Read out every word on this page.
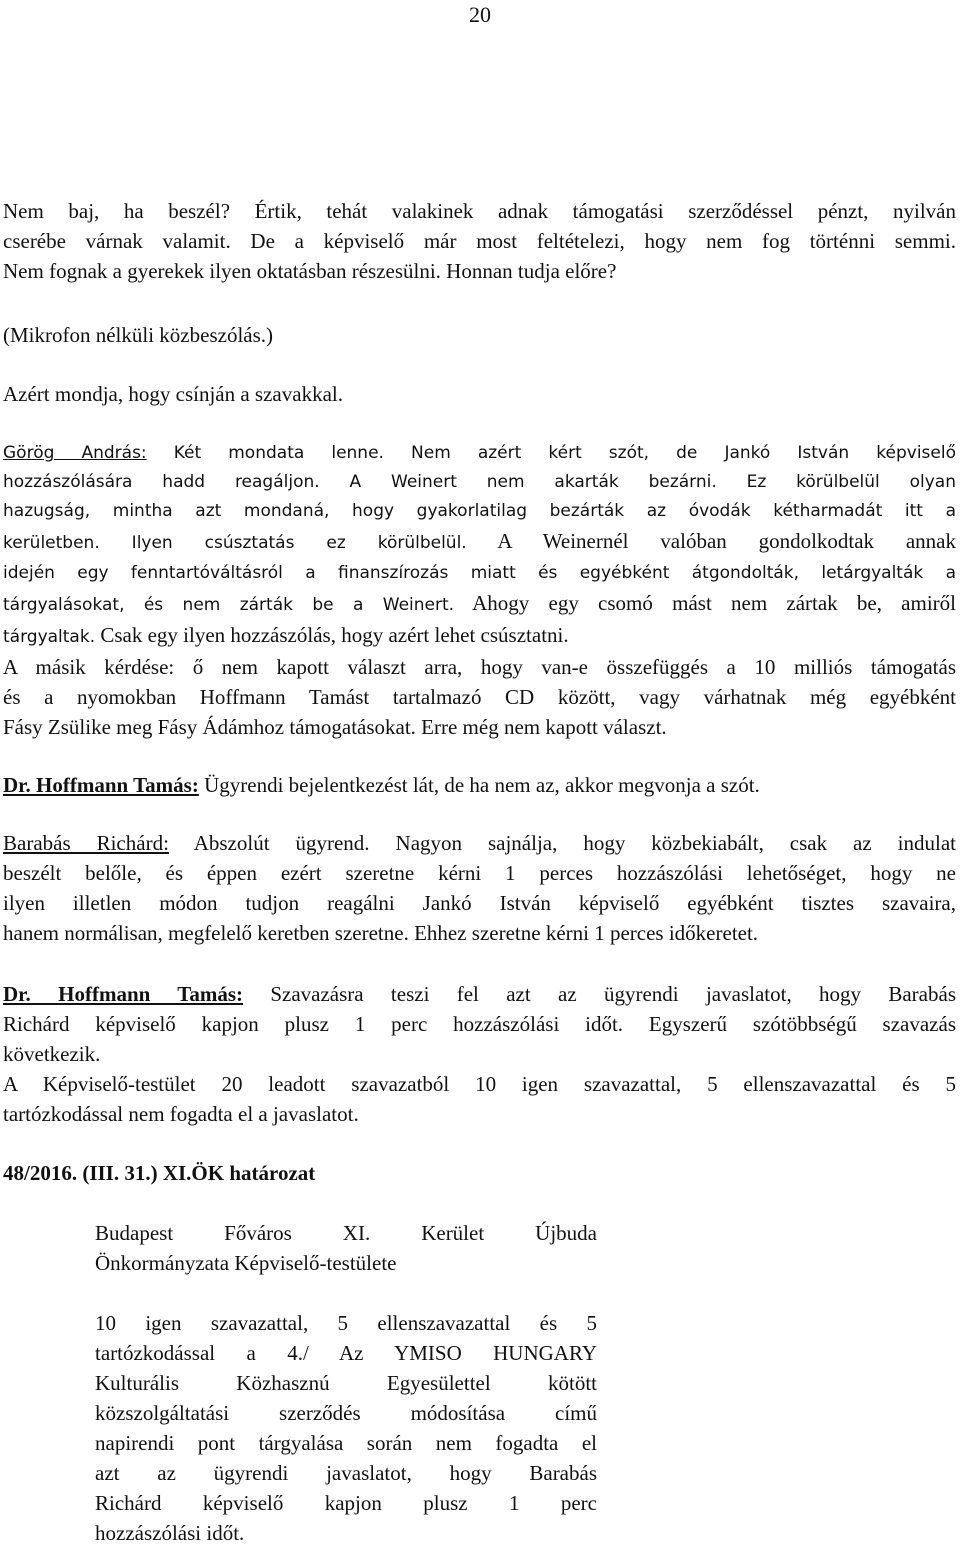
20
Nem baj, ha beszél? Értik, tehát valakinek adnak támogatási szerződéssel pénzt, nyilván
cserébe várnak valamit. De a képviselő már most feltételezi, hogy nem fog történni semmi.
Nem fognak a gyerekek ilyen oktatásban részesülni. Honnan tudja előre?
(Mikrofon nélküli közbeszólás.)
Azért mondja, hogy csínján a szavakkal.
Görög András: Két mondata lenne. Nem azért kért szót, de Jankó István képviselő
hozzászólására hadd reagáljon. A Weinert nem akarták bezárni. Ez körülbelül olyan
hazugság, mintha azt mondaná, hogy gyakorlatilag bezárták az óvodák kétharmadát itt a
kerületben. Ilyen csúsztatás ez körülbelül. A Weinernél valóban gondolkodtak annak
idején egy fenntartóváltásról a finanszírozás miatt és egyébként átgondolták, letárgyalták a
tárgyalásokat, és nem zárták be a Weinert. Ahogy egy csomó mást nem zártak be, amiről
tárgyaltak. Csak egy ilyen hozzászólás, hogy azért lehet csúsztatni.
A másik kérdése: ő nem kapott választ arra, hogy van-e összefüggés a 10 milliós támogatás
és a nyomokban Hoffmann Tamást tartalmazó CD között, vagy várhatnak még egyébként
Fásy Zsülike meg Fásy Ádámhoz támogatásokat. Erre még nem kapott választ.
Dr. Hoffmann Tamás: Ügyrendi bejelentkezést lát, de ha nem az, akkor megvonja a szót.
Barabás Richárd: Abszolút ügyrend. Nagyon sajnálja, hogy közbekiabált, csak az indulat
beszélt belőle, és éppen ezért szeretne kérni 1 perces hozzászólási lehetőséget, hogy ne
ilyen illetlen módon tudjon reagálni Jankó István képviselő egyébként tisztes szavaira,
hanem normálisan, megfelelő keretben szeretne. Ehhez szeretne kérni 1 perces időkeretet.
Dr. Hoffmann Tamás: Szavazásra teszi fel azt az ügyrendi javaslatot, hogy Barabás
Richárd képviselő kapjon plusz 1 perc hozzászólási időt. Egyszerű szótöbbségű szavazás
következik.
A Képviselő-testület 20 leadott szavazatból 10 igen szavazattal, 5 ellenszavazattal és 5
tartózkodással nem fogadta el a javaslatot.
48/2016. (III. 31.) XI.ÖK határozat
Budapest Főváros XI. Kerület Újbuda
Önkormányzata Képviselő-testülete
10 igen szavazattal, 5 ellenszavazattal és 5
tartózkodással a 4./ Az YMISO HUNGARY
Kulturális Közhasznú Egyesülettel kötött
közszolgáltatási szerződés módosítása című
napirendi pont tárgyalása során nem fogadta el
azt az ügyrendi javaslatot, hogy Barabás
Richárd képviselő kapjon plusz 1 perc
hozzászólási időt.
